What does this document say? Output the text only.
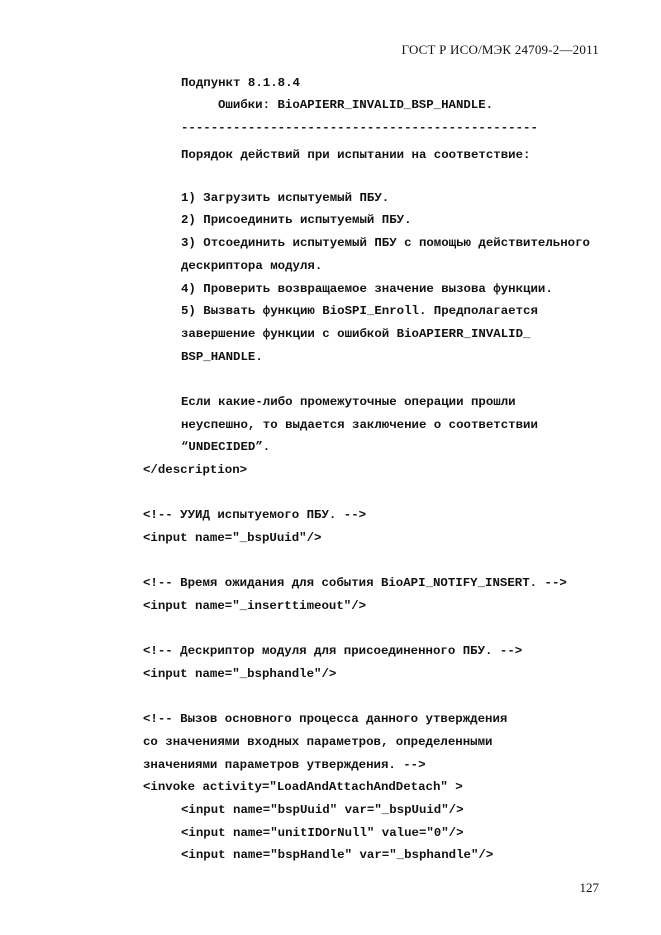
ГОСТ Р ИСО/МЭК 24709-2—2011
Подпункт 8.1.8.4
Ошибки: BioAPIERR_INVALID_BSP_HANDLE.
------------------------------------------------
Порядок действий при испытании на соответствие:
1) Загрузить испытуемый ПБУ.
2) Присоединить испытуемый ПБУ.
3) Отсоединить испытуемый ПБУ с помощью действительного
дескриптора модуля.
4) Проверить возвращаемое значение вызова функции.
5) Вызвать функцию BioSPI_Enroll. Предполагается
завершение функции с ошибкой BioAPIERR_INVALID_
BSP_HANDLE.
Если какие-либо промежуточные операции прошли
неуспешно, то выдается заключение о соответствии
“UNDECIDED”.
</description>
<!-- УУИД испытуемого ПБУ. -->
<input name="_bspUuid"/>
<!-- Время ожидания для события BioAPI_NOTIFY_INSERT. -->
<input name="_inserttimeout"/>
<!-- Дескриптор модуля для присоединенного ПБУ. -->
<input name="_bsphandle"/>
<!-- Вызов основного процесса данного утверждения
со значениями входных параметров, определенными
значениями параметров утверждения. -->
<invoke activity="LoadAndAttachAndDetach" >
<input name="bspUuid" var="_bspUuid"/>
<input name="unitIDOrNull" value="0"/>
<input name="bspHandle" var="_bsphandle"/>
127
